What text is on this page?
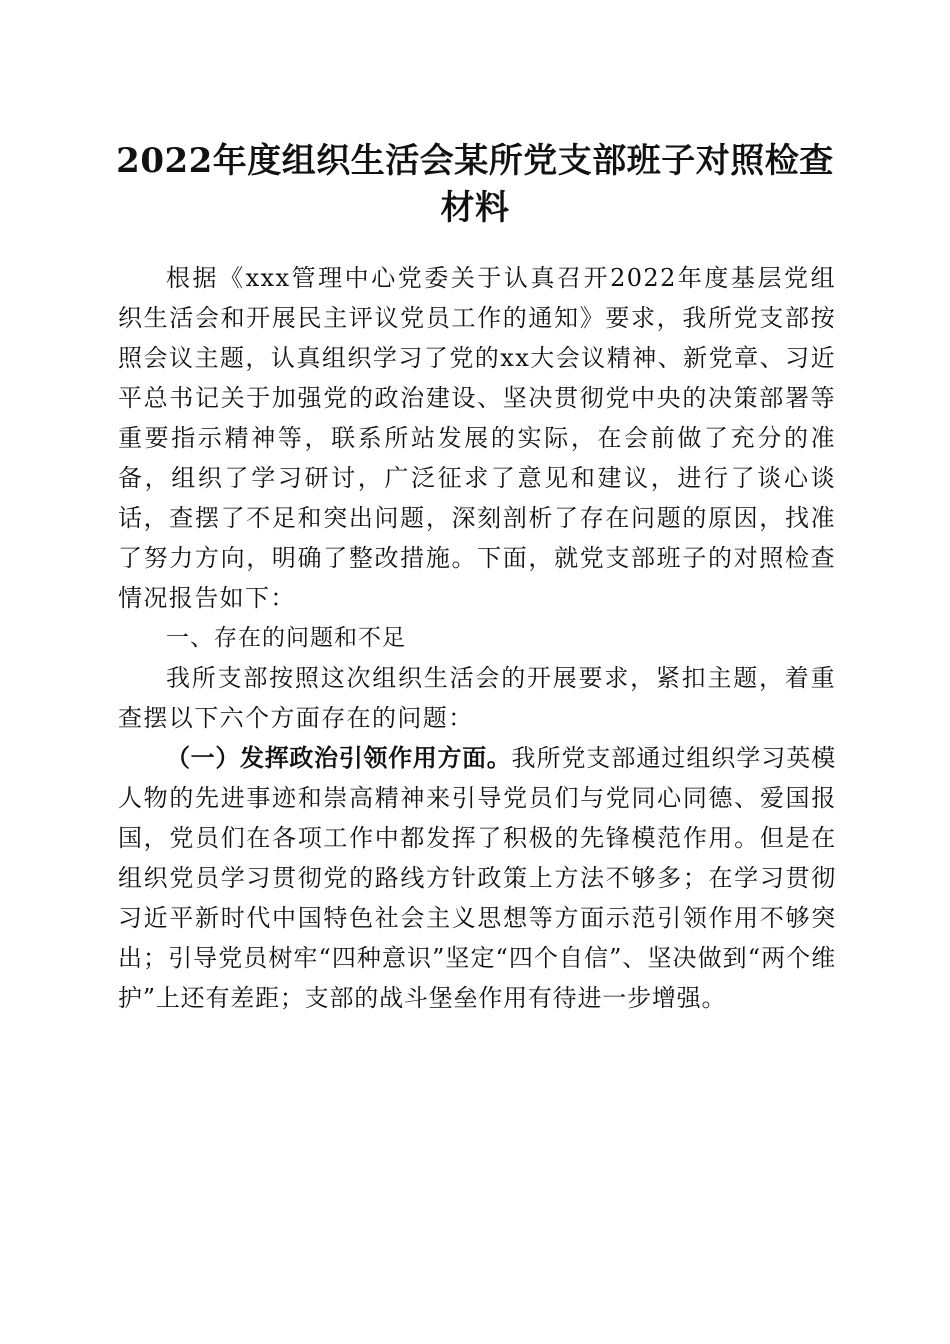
2022年度组织生活会某所党支部班子对照检查材料

根据《xxx管理中心党委关于认真召开2022年度基层党组织生活会和开展民主评议党员工作的通知》要求，我所党支部按照会议主题，认真组织学习了党的xx大会议精神、新党章、习近平总书记关于加强党的政治建设、坚决贯彻党中央的决策部署等重要指示精神等，联系所站发展的实际，在会前做了充分的准备，组织了学习研讨，广泛征求了意见和建议，进行了谈心谈话，查摆了不足和突出问题，深刻剖析了存在问题的原因，找准了努力方向，明确了整改措施。下面，就党支部班子的对照检查情况报告如下：

一、存在的问题和不足

我所支部按照这次组织生活会的开展要求，紧扣主题，着重查摆以下六个方面存在的问题：

（一）发挥政治引领作用方面。我所党支部通过组织学习英模人物的先进事迹和崇高精神来引导党员们与党同心同德、爱国报国，党员们在各项工作中都发挥了积极的先锋模范作用。但是在组织党员学习贯彻党的路线方针政策上方法不够多；在学习贯彻习近平新时代中国特色社会主义思想等方面示范引领作用不够突出；引导党员树牢“四种意识”坚定“四个自信”、坚决做到“两个维护”上还有差距；支部的战斗堡垒作用有待进一步增强。
